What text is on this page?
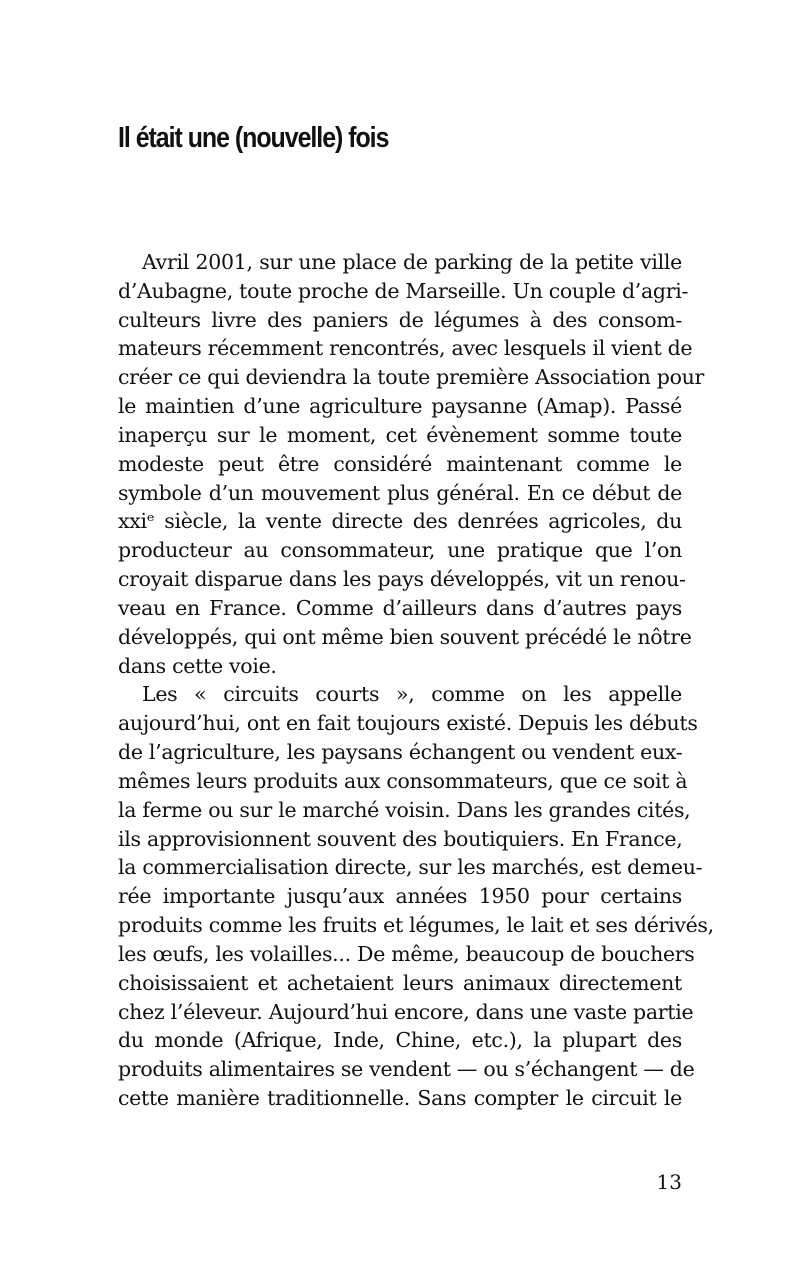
Il était une (nouvelle) fois
Avril 2001, sur une place de parking de la petite ville
d’Aubagne, toute proche de Marseille. Un couple d’agri-
culteurs livre des paniers de légumes à des consom-
mateurs récemment rencontrés, avec lesquels il vient de
créer ce qui deviendra la toute première Association pour
le maintien d’une agriculture paysanne (Amap). Passé
inaperçu sur le moment, cet évènement somme toute
modeste peut être considéré maintenant comme le
symbole d’un mouvement plus général. En ce début de
xxiᵉ siècle, la vente directe des denrées agricoles, du
producteur au consommateur, une pratique que l’on
croyait disparue dans les pays développés, vit un renou-
veau en France. Comme d’ailleurs dans d’autres pays
développés, qui ont même bien souvent précédé le nôtre
dans cette voie.
Les « circuits courts », comme on les appelle
aujourd’hui, ont en fait toujours existé. Depuis les débuts
de l’agriculture, les paysans échangent ou vendent eux-
mêmes leurs produits aux consommateurs, que ce soit à
la ferme ou sur le marché voisin. Dans les grandes cités,
ils approvisionnent souvent des boutiquiers. En France,
la commercialisation directe, sur les marchés, est demeu-
rée importante jusqu’aux années 1950 pour certains
produits comme les fruits et légumes, le lait et ses dérivés,
les œufs, les volailles... De même, beaucoup de bouchers
choisissaient et achetaient leurs animaux directement
chez l’éleveur. Aujourd’hui encore, dans une vaste partie
du monde (Afrique, Inde, Chine, etc.), la plupart des
produits alimentaires se vendent — ou s’échangent — de
cette manière traditionnelle. Sans compter le circuit le
13
